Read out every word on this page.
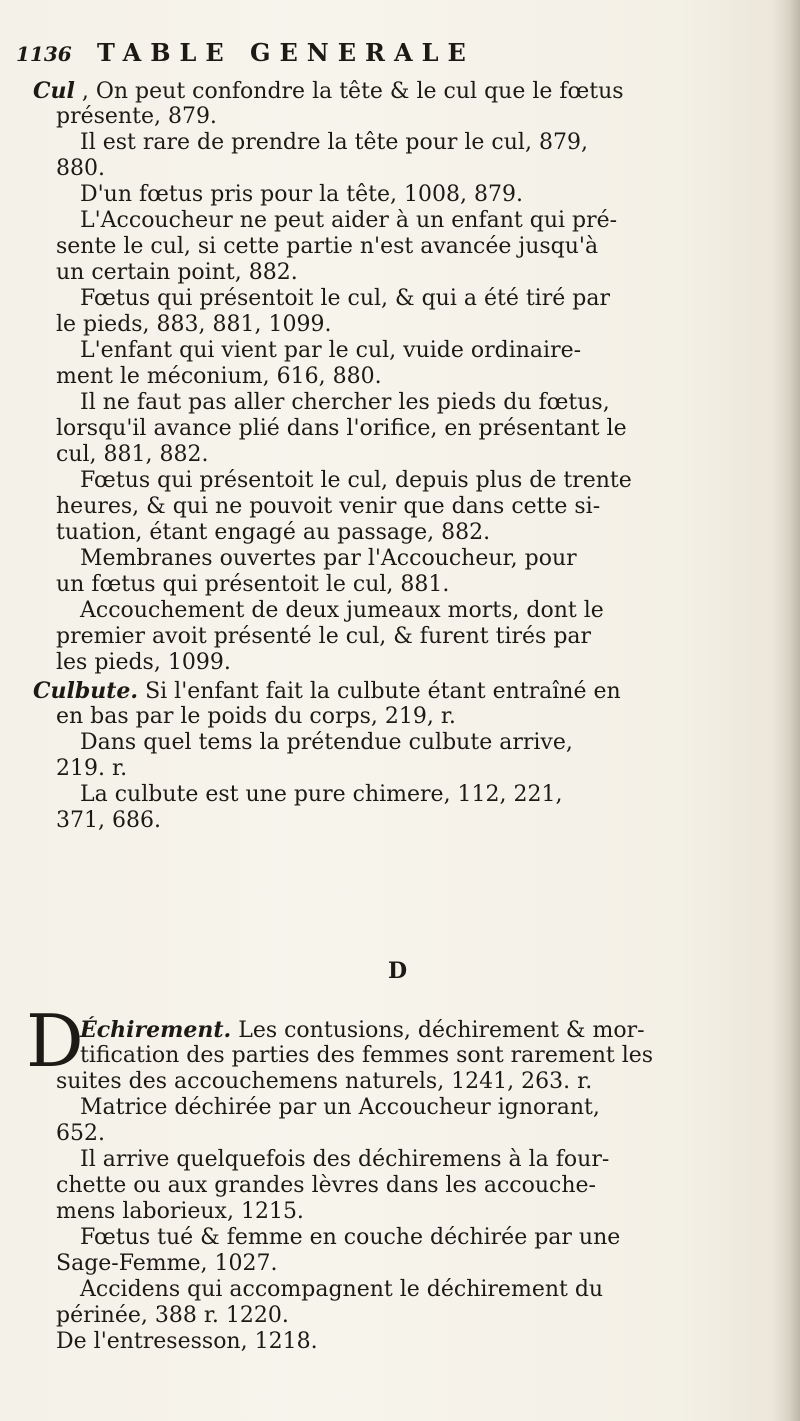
1136 TABLE GENERALE
Cul , On peut confondre la tête & le cul que le fœtus
présente, 879.
Il est rare de prendre la tête pour le cul, 879,
880.
D'un fœtus pris pour la tête, 1008, 879.
L'Accoucheur ne peut aider à un enfant qui pré-
sente le cul, si cette partie n'est avancée jusqu'à
un certain point, 882.
Fœtus qui présentoit le cul, & qui a été tiré par
le pieds, 883, 881, 1099.
L'enfant qui vient par le cul, vuide ordinaire-
ment le méconium, 616, 880.
Il ne faut pas aller chercher les pieds du fœtus,
lorsqu'il avance plié dans l'orifice, en présentant le
cul, 881, 882.
Fœtus qui présentoit le cul, depuis plus de trente
heures, & qui ne pouvoit venir que dans cette si-
tuation, étant engagé au passage, 882.
Membranes ouvertes par l'Accoucheur, pour
un fœtus qui présentoit le cul, 881.
Accouchement de deux jumeaux morts, dont le
premier avoit présenté le cul, & furent tirés par
les pieds, 1099.
Culbute. Si l'enfant fait la culbute étant entraîné en
en bas par le poids du corps, 219, r.
Dans quel tems la prétendue culbute arrive,
219. r.
La culbute est une pure chimere, 112, 221,
371, 686.
D
D
Échirement. Les contusions, déchirement & mor-
tification des parties des femmes sont rarement les
suites des accouchemens naturels, 1241, 263. r.
Matrice déchirée par un Accoucheur ignorant,
652.
Il arrive quelquefois des déchiremens à la four-
chette ou aux grandes lèvres dans les accouche-
mens laborieux, 1215.
Fœtus tué & femme en couche déchirée par une
Sage-Femme, 1027.
Accidens qui accompagnent le déchirement du
périnée, 388 r. 1220.
De l'entresesson, 1218.
